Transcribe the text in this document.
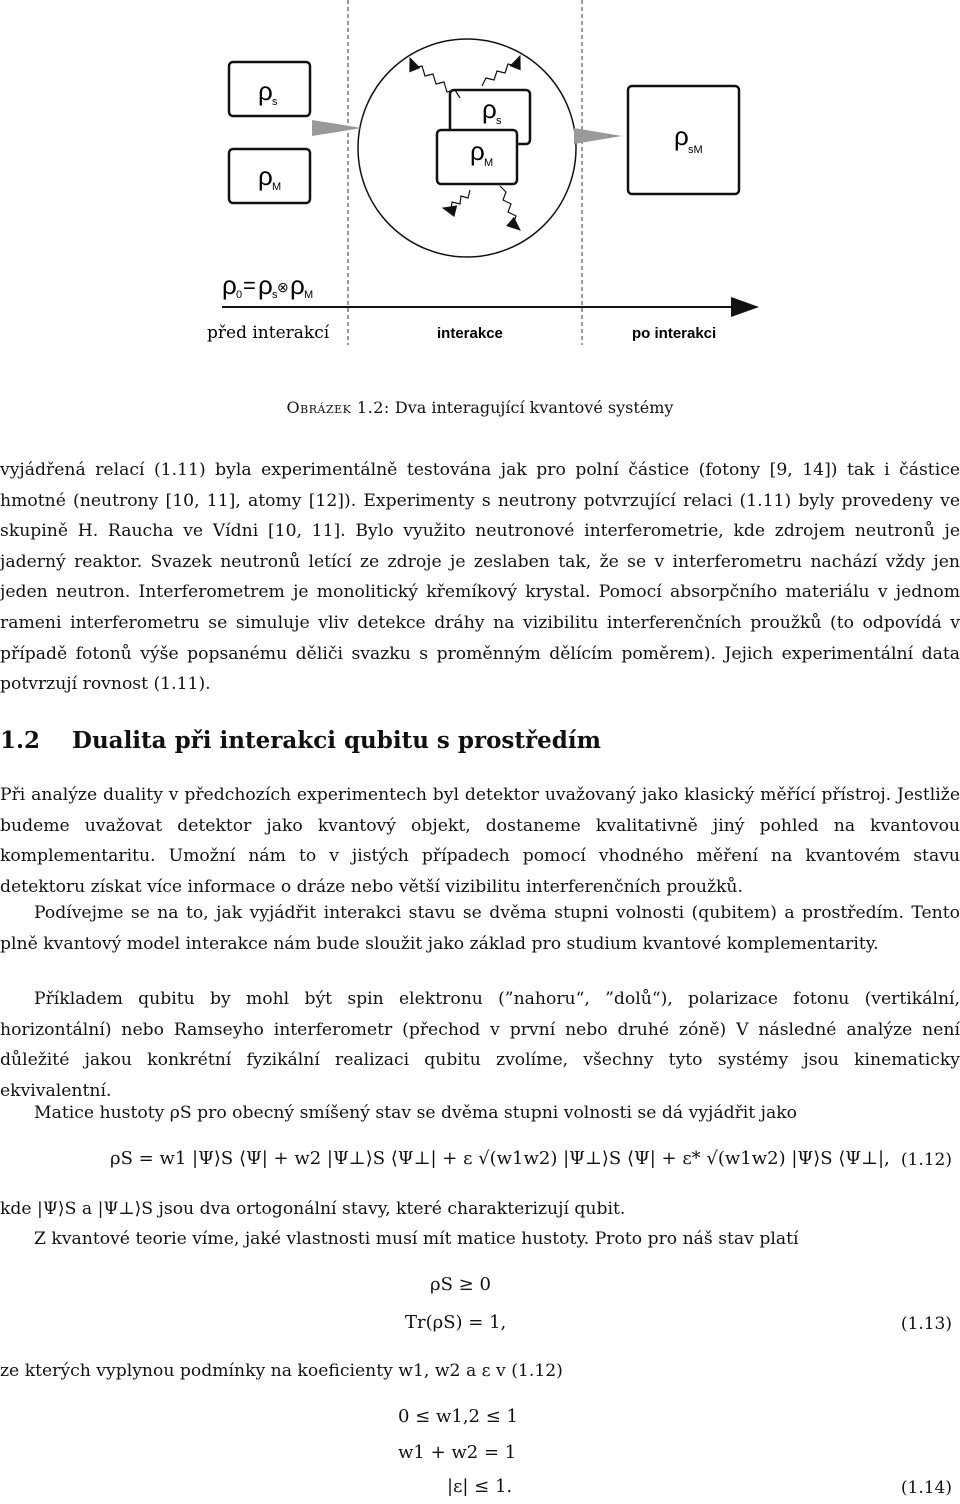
ρ s
ρ M
ρ s
ρ M
ρ sM
ρ 0 = ρ s ⊗ ρ M
před interakcí	interakce	po interakci
Obrázek 1.2: Dva interagující kvantové systémy

vyjádřená relací (1.11) byla experimentálně testována jak pro polní částice (fotony [9, 14]) tak i částice hmotné (neutrony [10, 11], atomy [12]). Experimenty s neutrony potvrzující relaci (1.11) byly provedeny ve skupině H. Raucha ve Vídni [10, 11]. Bylo využito neutronové interferometrie, kde zdrojem neutronů je jaderný reaktor. Svazek neutronů letící ze zdroje je zeslaben tak, že se v interferometru nachází vždy jen jeden neutron. Interferometrem je monolitický křemíkový krystal. Pomocí absorpčního materiálu v jednom rameni interferometru se simuluje vliv detekce dráhy na vizibilitu interferenčních proužků (to odpovídá v případě fotonů výše popsanému děliči svazku s proměnným dělícím poměrem). Jejich experimentální data potvrzují rovnost (1.11).

1.2 Dualita při interakci qubitu s prostředím

Při analýze duality v předchozích experimentech byl detektor uvažovaný jako klasický měřící přístroj. Jestliže budeme uvažovat detektor jako kvantový objekt, dostaneme kvalitativně jiný pohled na kvantovou komplementaritu. Umožní nám to v jistých případech pomocí vhodného měření na kvantovém stavu detektoru získat více informace o dráze nebo větší vizibilitu interferenčních proužků.

Podívejme se na to, jak vyjádřit interakci stavu se dvěma stupni volnosti (qubitem) a prostředím. Tento plně kvantový model interakce nám bude sloužit jako základ pro studium kvantové komplementarity.

Příkladem qubitu by mohl být spin elektronu (”nahoru“, ”dolů“), polarizace fotonu (vertikální, horizontální) nebo Ramseyho interferometr (přechod v první nebo druhé zóně) V následné analýze není důležité jakou konkrétní fyzikální realizaci qubitu zvolíme, všechny tyto systémy jsou kinematicky ekvivalentní.

Matice hustoty ρS pro obecný smíšený stav se dvěma stupni volnosti se dá vyjádřit jako

ρS = w1 |Ψ⟩S ⟨Ψ| + w2 |Ψ⊥⟩S ⟨Ψ⊥| + ε √(w1w2) |Ψ⊥⟩S ⟨Ψ| + ε* √(w1w2) |Ψ⟩S ⟨Ψ⊥|, (1.12)

kde |Ψ⟩S a |Ψ⊥⟩S jsou dva ortogonální stavy, které charakterizují qubit.

Z kvantové teorie víme, jaké vlastnosti musí mít matice hustoty. Proto pro náš stav platí

ρS ≥ 0
Tr(ρS) = 1,	(1.13)

ze kterých vyplynou podmínky na koeficienty w1, w2 a ε v (1.12)

0 ≤ w1,2 ≤ 1
w1 + w2 = 1
|ε| ≤ 1.	(1.14)
